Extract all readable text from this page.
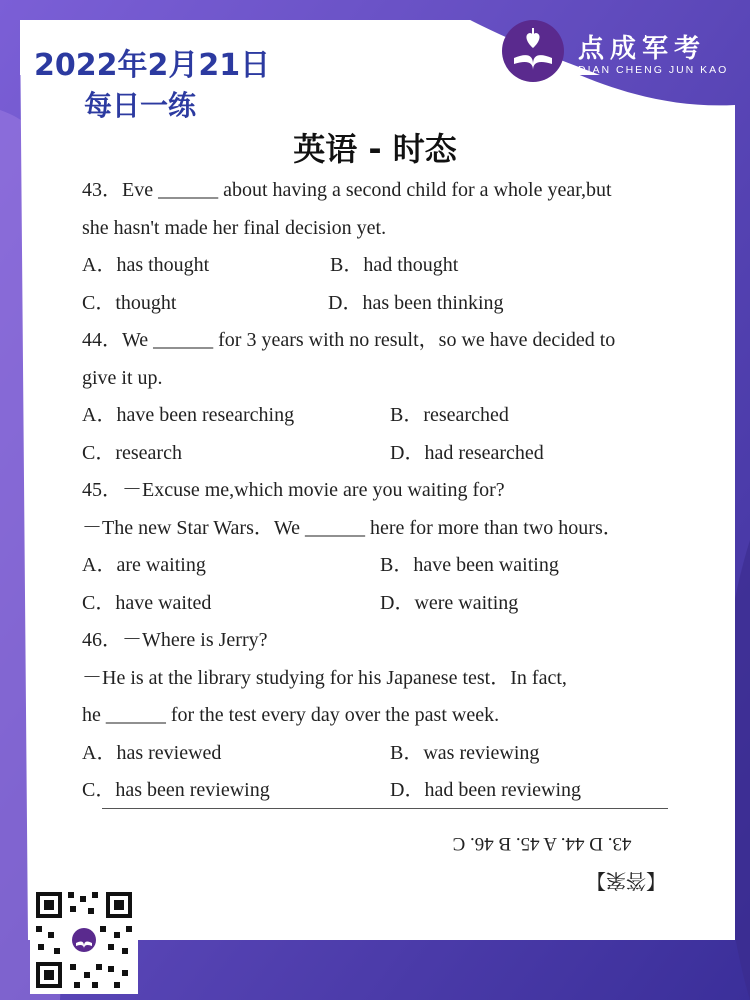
2022年2月21日
每日一练
点成军考
DIAN CHENG JUN KAO
英语 - 时态
43．Eve ______ about having a second child for a whole year,but
she hasn't made her final decision yet.
A．has thought	B．had thought
C．thought	D．has been thinking
44．We ______ for 3 years with no result，so we have decided to
give it up.
A．have been researching	B．researched
C．research	D．had researched
45．－Excuse me,which movie are you waiting for?
－The new Star Wars．We ______ here for more than two hours．
A．are waiting	B．have been waiting
C．have waited	D．were waiting
46．－Where is Jerry?
－He is at the library studying for his Japanese test．In fact,
he ______ for the test every day over the past week.
A．has reviewed	B．was reviewing
C．has been reviewing	D．had been reviewing
43. D 44. A 45. B 46. C
【答案】
